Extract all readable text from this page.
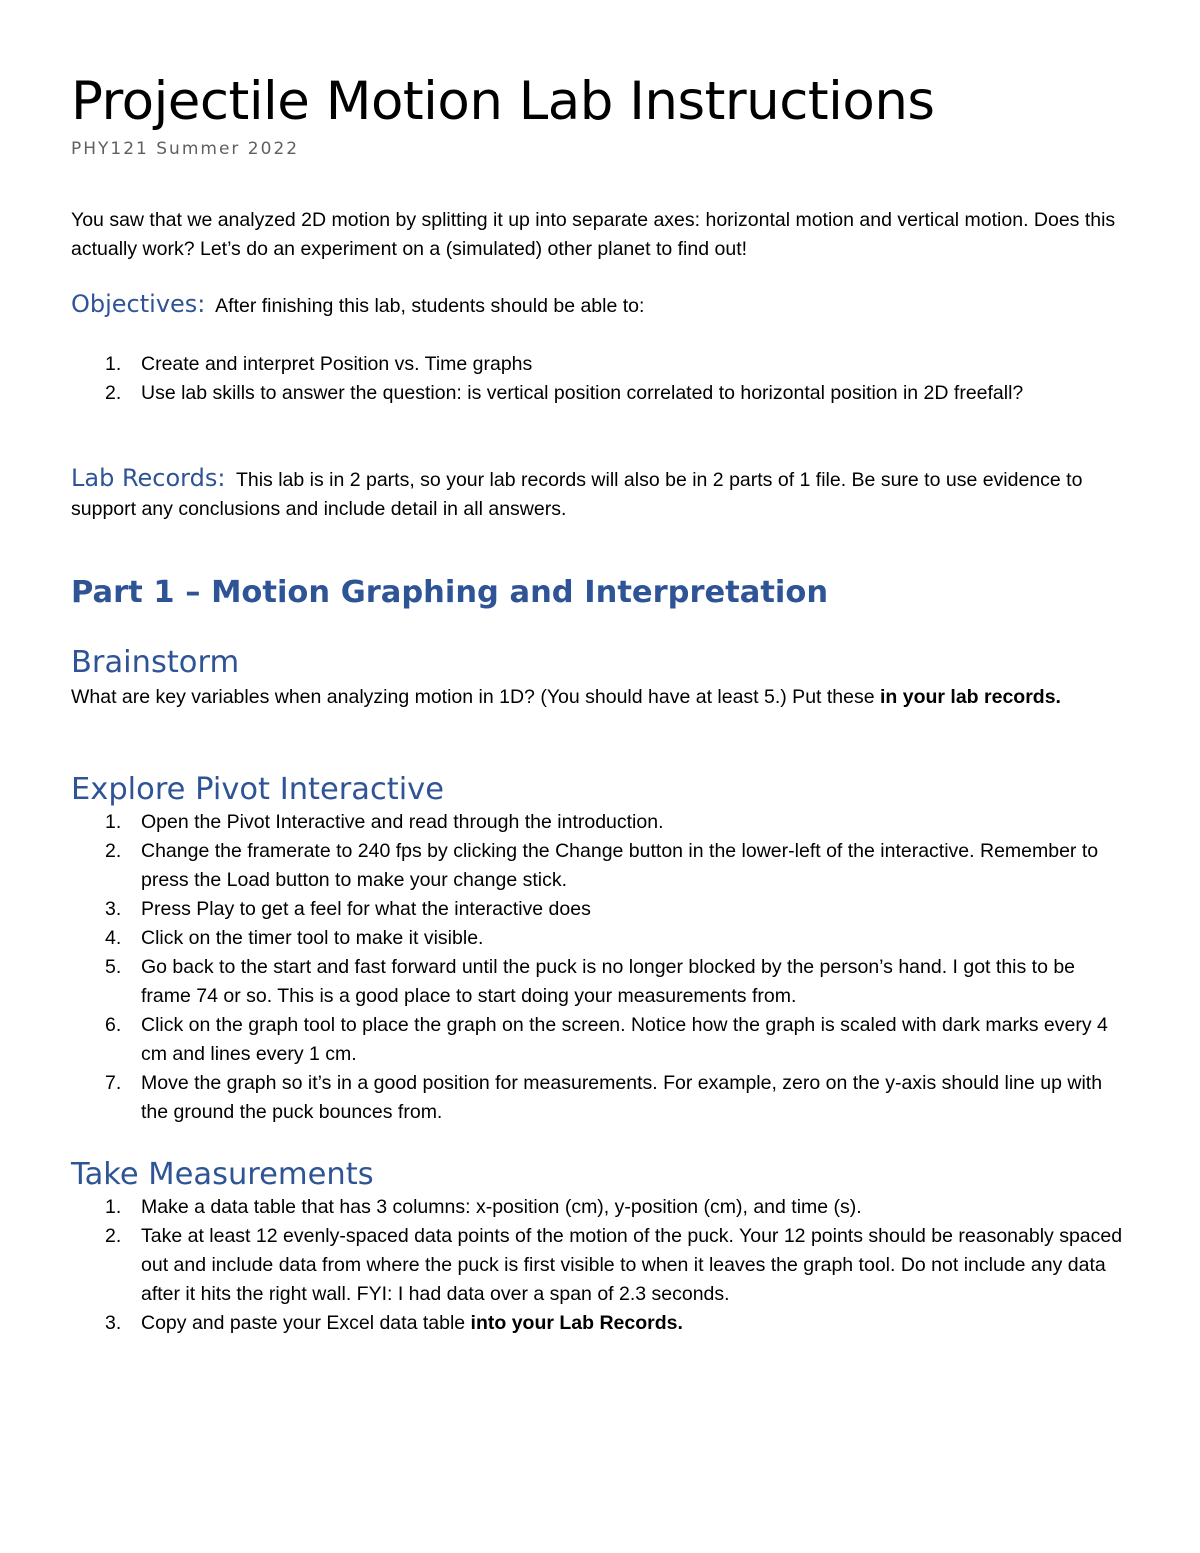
Projectile Motion Lab Instructions
PHY121 Summer 2022
You saw that we analyzed 2D motion by splitting it up into separate axes: horizontal motion and vertical motion. Does this actually work? Let’s do an experiment on a (simulated) other planet to find out!
Objectives: After finishing this lab, students should be able to:
1. Create and interpret Position vs. Time graphs
2. Use lab skills to answer the question: is vertical position correlated to horizontal position in 2D freefall?
Lab Records: This lab is in 2 parts, so your lab records will also be in 2 parts of 1 file. Be sure to use evidence to support any conclusions and include detail in all answers.
Part 1 – Motion Graphing and Interpretation
Brainstorm
What are key variables when analyzing motion in 1D? (You should have at least 5.) Put these in your lab records.
Explore Pivot Interactive
1. Open the Pivot Interactive and read through the introduction.
2. Change the framerate to 240 fps by clicking the Change button in the lower-left of the interactive. Remember to press the Load button to make your change stick.
3. Press Play to get a feel for what the interactive does
4. Click on the timer tool to make it visible.
5. Go back to the start and fast forward until the puck is no longer blocked by the person’s hand. I got this to be frame 74 or so. This is a good place to start doing your measurements from.
6. Click on the graph tool to place the graph on the screen. Notice how the graph is scaled with dark marks every 4 cm and lines every 1 cm.
7. Move the graph so it’s in a good position for measurements. For example, zero on the y-axis should line up with the ground the puck bounces from.
Take Measurements
1. Make a data table that has 3 columns: x-position (cm), y-position (cm), and time (s).
2. Take at least 12 evenly-spaced data points of the motion of the puck. Your 12 points should be reasonably spaced out and include data from where the puck is first visible to when it leaves the graph tool. Do not include any data after it hits the right wall. FYI: I had data over a span of 2.3 seconds.
3. Copy and paste your Excel data table into your Lab Records.
